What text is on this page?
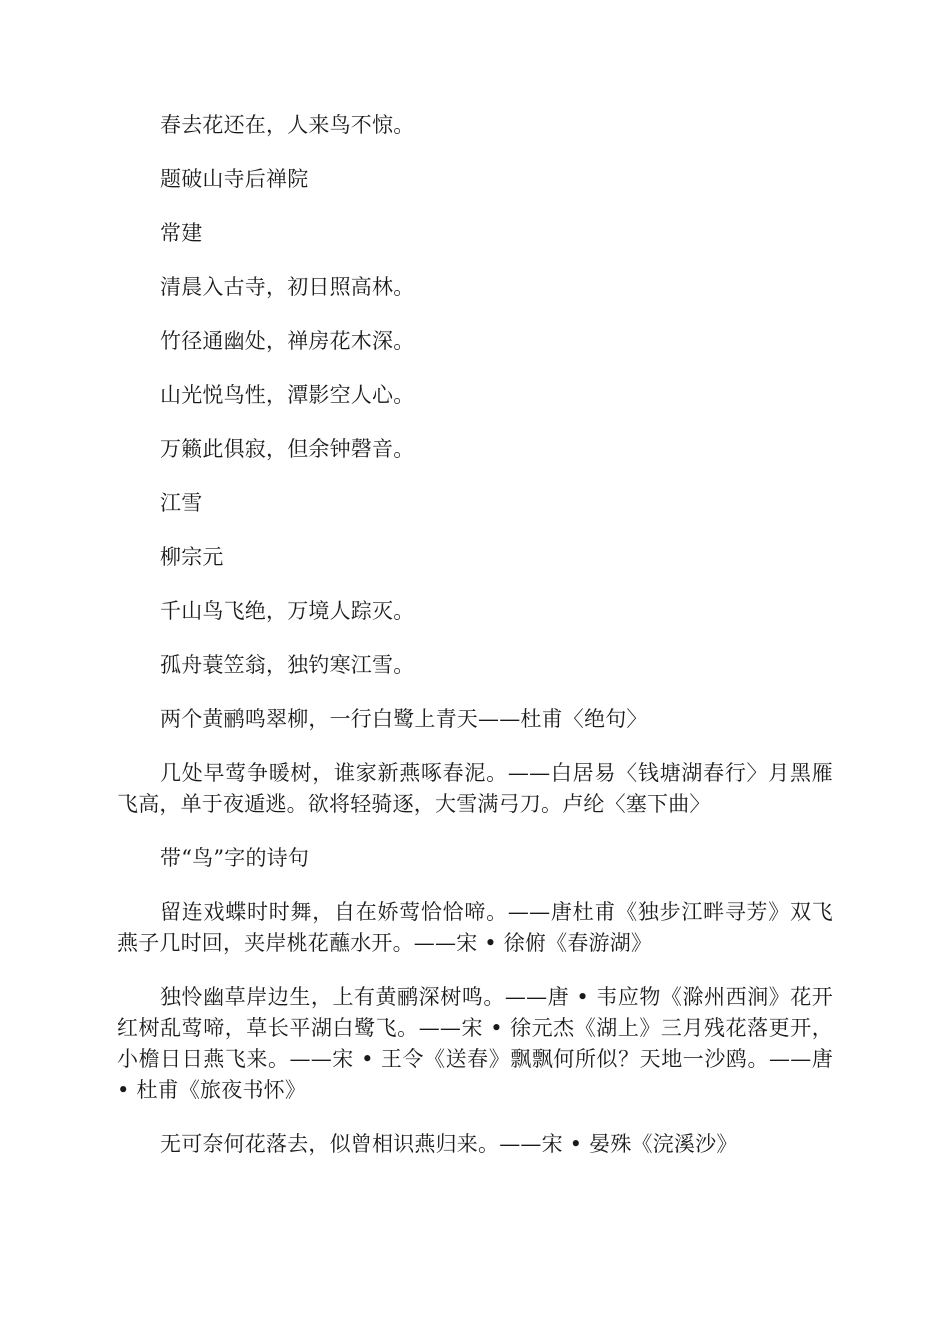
春去花还在，人来鸟不惊。

题破山寺后禅院

常建

清晨入古寺，初日照高林。

竹径通幽处，禅房花木深。

山光悦鸟性，潭影空人心。

万籁此俱寂，但余钟磬音。

江雪

柳宗元

千山鸟飞绝，万境人踪灭。

孤舟蓑笠翁，独钓寒江雪。

两个黄鹂鸣翠柳，一行白鹭上青天——杜甫〈绝句〉

几处早莺争暖树，谁家新燕啄春泥。——白居易〈钱塘湖春行〉月黑雁飞高，单于夜遁逃。欲将轻骑逐，大雪满弓刀。卢纶〈塞下曲〉

带“鸟”字的诗句

留连戏蝶时时舞，自在娇莺恰恰啼。——唐杜甫《独步江畔寻芳》双飞燕子几时回，夹岸桃花蘸水开。——宋 • 徐俯《春游湖》

独怜幽草岸边生，上有黄鹂深树鸣。——唐 • 韦应物《滁州西涧》花开红树乱莺啼，草长平湖白鹭飞。——宋 • 徐元杰《湖上》三月残花落更开，小檐日日燕飞来。——宋 • 王令《送春》飘飘何所似？天地一沙鸥。——唐 • 杜甫《旅夜书怀》

无可奈何花落去，似曾相识燕归来。——宋 • 晏殊《浣溪沙》
